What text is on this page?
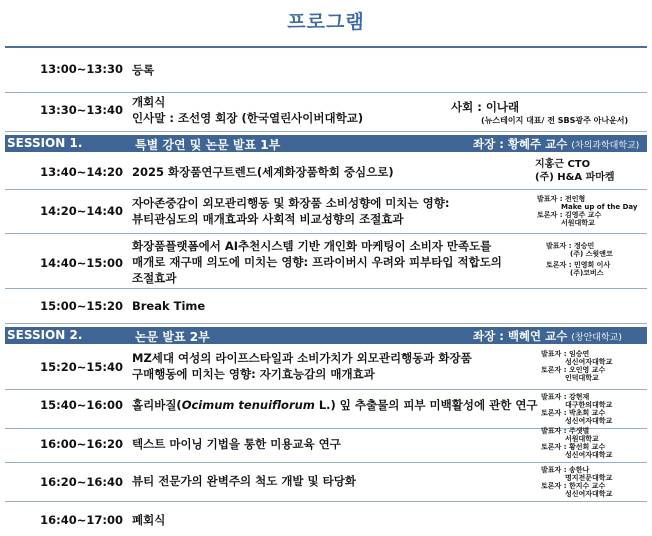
프로그램
13:00~13:30 등록
13:30~13:40
개회식
인사말 : 조선영 회장 (한국열린사이버대학교)
사회 : 이나래
(뉴스테이지 대표/ 전 SBS광주 아나운서)
SESSION 1.	특별 강연 및 논문 발표 1부	좌장 : 황혜주 교수 (차의과학대학교)
13:40~14:20 2025 화장품연구트렌드(세계화장품학회 중심으로)
지홍근 CTO
(주) H&A 파마켐
14:20~14:40
자아존중감이 외모관리행동 및 화장품 소비성향에 미치는 영향:
뷰티관심도의 매개효과와 사회적 비교성향의 조절효과
발표자 : 전인형
Make up of the Day
토론자 : 김영주 교수
서원대학교
14:40~15:00
화장품플랫폼에서 AI추천시스템 기반 개인화 마케팅이 소비자 만족도를
매개로 재구매 의도에 미치는 영향: 프라이버시 우려와 피부타입 적합도의
조절효과
발표자 : 정승민
(주) 스윗앤코
토론자 : 민영희 이사
(주)코버스
15:00~15:20 Break Time
SESSION 2.	논문 발표 2부	좌장 : 백혜연 교수 (창안대학교)
15:20~15:40
MZ세대 여성의 라이프스타일과 소비가치가 외모관리행동과 화장품
구매행동에 미치는 영향: 자기효능감의 매개효과
발표자 : 임승연
성신여자대학교
토론자 : 오인영 교수
인덕대학교
15:40~16:00 홀리바질(Ocimum tenuiflorum L.) 잎 추출물의 피부 미백활성에 관한 연구
발표자 : 강현재
대구한의대학교
토론자 : 박초희 교수
성신여자대학교
16:00~16:20 텍스트 마이닝 기법을 통한 미용교육 연구
발표자 : 주샛별
서원대학교
토론자 : 황선희 교수
성신여자대학교
16:20~16:40 뷰티 전문가의 완벽주의 척도 개발 및 타당화
발표자 : 송한나
명지전문대학교
토론자 : 한지수 교수
성신여자대학교
16:40~17:00 폐회식
